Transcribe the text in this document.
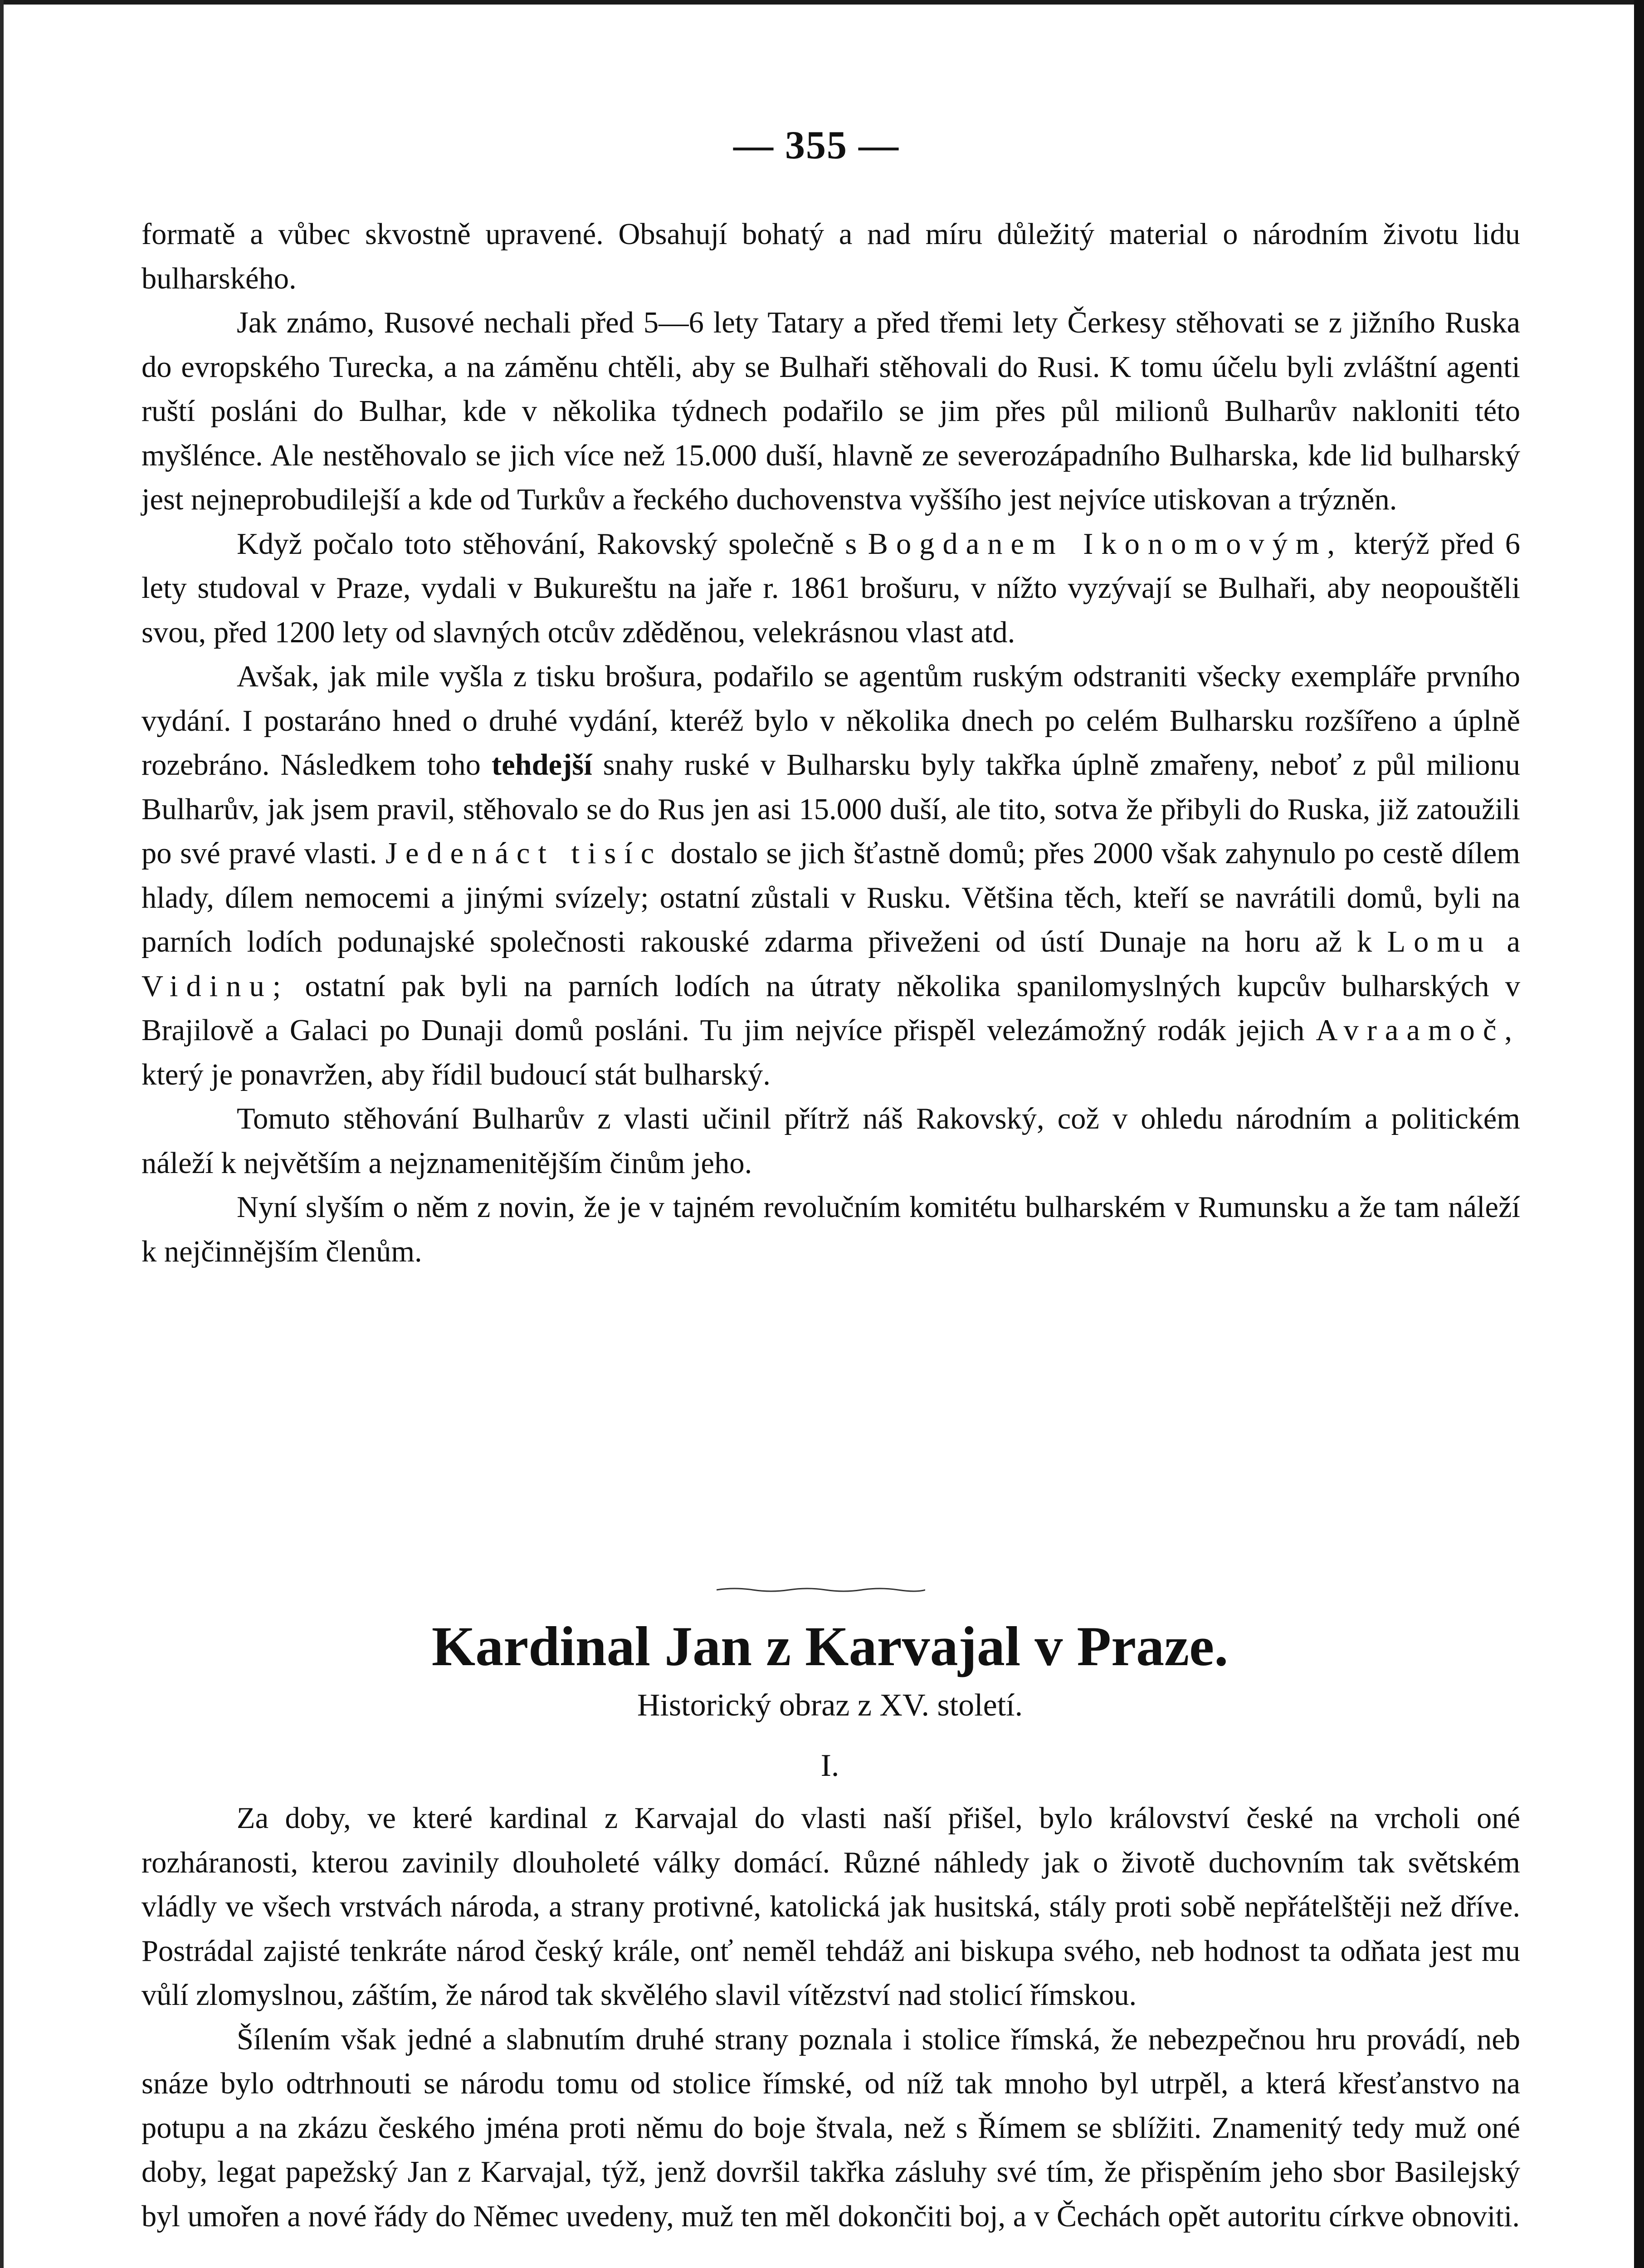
— 355 —

formatě a vůbec skvostně upravené. Obsahují bohatý a nad míru důležitý material o národním životu lidu bulharského.

Jak známo, Rusové nechali před 5—6 lety Tatary a před třemi lety Čerkesy stěhovati se z jižního Ruska do evropského Turecka, a na záměnu chtěli, aby se Bulhaři stěhovali do Rusi. K tomu účelu byli zvláštní agenti ruští posláni do Bulhar, kde v několika týdnech podařilo se jim přes půl milionů Bulharův nakloniti této myšlénce. Ale nestěhovalo se jich více než 15.000 duší, hlavně ze severozápadního Bulharska, kde lid bulharský jest nejneprobudilejší a kde od Turkův a řeckého duchovenstva vyššího jest nejvíce utiskovan a trýzněn.

Když počalo toto stěhování, Rakovský společně s Bogdanem Ikonomovým, kterýž před 6 lety studoval v Praze, vydali v Bukureštu na jaře r. 1861 brošuru, v nížto vyzývají se Bulhaři, aby neopouštěli svou, před 1200 lety od slavných otcův zděděnou, velekrásnou vlast atd.

Avšak, jak mile vyšla z tisku brošura, podařilo se agentům ruským odstraniti všecky exempláře prvního vydání. I postaráno hned o druhé vydání, kteréž bylo v několika dnech po celém Bulharsku rozšířeno a úplně rozebráno. Následkem toho tehdejší snahy ruské v Bulharsku byly takřka úplně zmařeny, neboť z půl milionu Bulharův, jak jsem pravil, stěhovalo se do Rus jen asi 15.000 duší, ale tito, sotva že přibyli do Ruska, již zatoužili po své pravé vlasti. Jedenáct tisíc dostalo se jich šťastně domů; přes 2000 však zahynulo po cestě dílem hlady, dílem nemocemi a jinými svízely; ostatní zůstali v Rusku. Většina těch, kteří se navrátili domů, byli na parních lodích podunajské společnosti rakouské zdarma přiveženi od ústí Dunaje na horu až k Lomu a Vidinu; ostatní pak byli na parních lodích na útraty několika spanilomyslných kupcův bulharských v Brajilově a Galaci po Dunaji domů posláni. Tu jim nejvíce přispěl velezámožný rodák jejich Avraamoč, který je ponavržen, aby řídil budoucí stát bulharský.

Tomuto stěhování Bulharův z vlasti učinil přítrž náš Rakovský, což v ohledu národním a politickém náleží k největším a nejznamenitějším činům jeho.

Nyní slyším o něm z novin, že je v tajném revolučním komitétu bulharském v Rumunsku a že tam náleží k nejčinnějším členům.

Kardinal Jan z Karvajal v Praze.
Historický obraz z XV. století.
I.

Za doby, ve které kardinal z Karvajal do vlasti naší přišel, bylo království české na vrcholi oné rozháranosti, kterou zavinily dlouholeté války domácí. Různé náhledy jak o životě duchovním tak světském vládly ve všech vrstvách národa, a strany protivné, katolická jak husitská, stály proti sobě nepřátelštěji než dříve. Postrádal zajisté tenkráte národ český krále, onť neměl tehdáž ani biskupa svého, neb hodnost ta odňata jest mu vůlí zlomyslnou, záštím, že národ tak skvělého slavil vítězství nad stolicí římskou.

Šílením však jedné a slabnutím druhé strany poznala i stolice římská, že nebezpečnou hru provádí, neb snáze bylo odtrhnouti se národu tomu od stolice římské, od níž tak mnoho byl utrpěl, a která křesťanstvo na potupu a na zkázu českého jména proti němu do boje štvala, než s Římem se sblížiti. Znamenitý tedy muž oné doby, legat papežský Jan z Karvajal, týž, jenž dovršil takřka zásluhy své tím, že přispěním jeho sbor Basilejský byl umořen a nové řády do Němec uvedeny, muž ten měl dokončiti boj, a v Čechách opět autoritu církve obnoviti.
